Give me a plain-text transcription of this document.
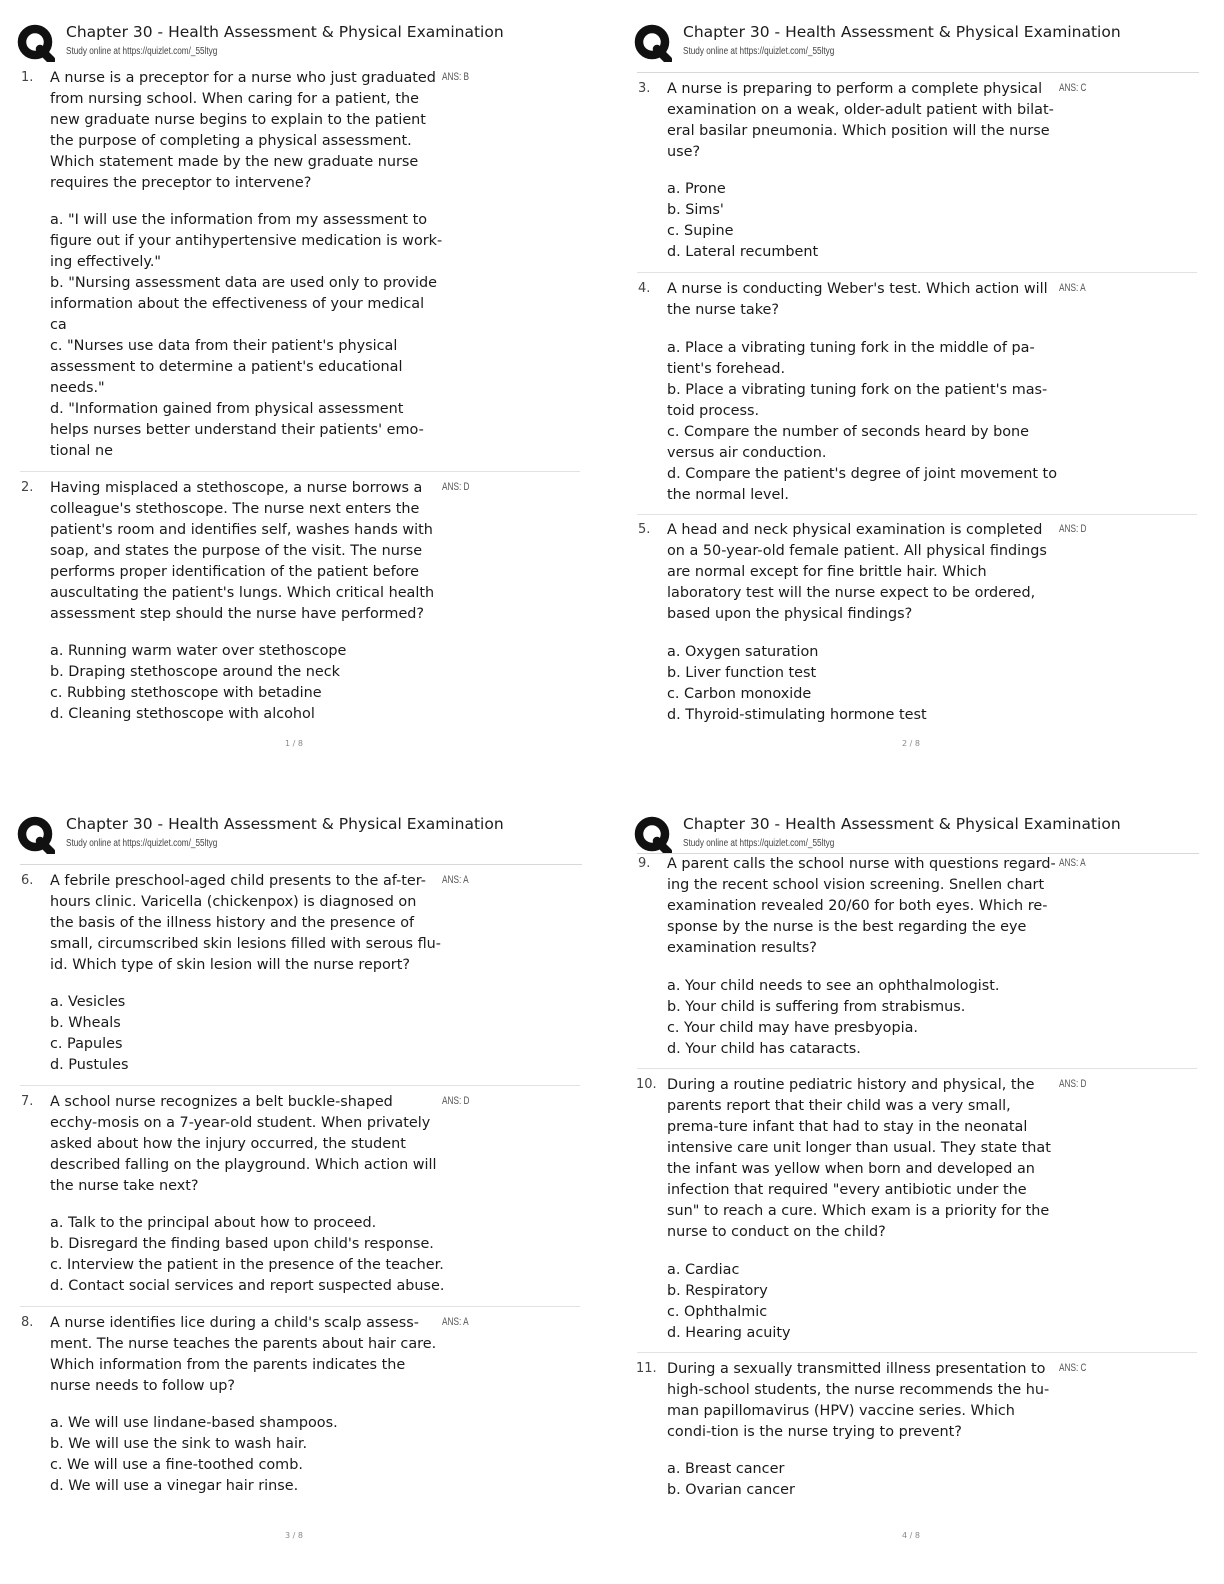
Chapter 30 - Health Assessment & Physical Examination
Study online at https://quizlet.com/_55ltyg
1. A nurse is a preceptor for a nurse who just graduated from nursing school. When caring for a patient, the new graduate nurse begins to explain to the patient the purpose of completing a physical assessment. Which statement made by the new graduate nurse requires the preceptor to intervene?
ANS: B
a. "I will use the information from my assessment to figure out if your antihypertensive medication is work-ing effectively."
b. "Nursing assessment data are used only to provide information about the effectiveness of your medical ca
c. "Nurses use data from their patient's physical assessment to determine a patient's educational needs."
d. "Information gained from physical assessment helps nurses better understand their patients' emo-tional ne
2. Having misplaced a stethoscope, a nurse borrows a colleague's stethoscope. The nurse next enters the patient's room and identifies self, washes hands with soap, and states the purpose of the visit. The nurse performs proper identification of the patient before auscultating the patient's lungs. Which critical health assessment step should the nurse have performed?
ANS: D
a. Running warm water over stethoscope
b. Draping stethoscope around the neck
c. Rubbing stethoscope with betadine
d. Cleaning stethoscope with alcohol
1 / 8
Chapter 30 - Health Assessment & Physical Examination
Study online at https://quizlet.com/_55ltyg
3. A nurse is preparing to perform a complete physical examination on a weak, older-adult patient with bilat-eral basilar pneumonia. Which position will the nurse use?
ANS: C
a. Prone
b. Sims'
c. Supine
d. Lateral recumbent
4. A nurse is conducting Weber's test. Which action will the nurse take?
ANS: A
a. Place a vibrating tuning fork in the middle of pa-tient's forehead.
b. Place a vibrating tuning fork on the patient's mas-toid process.
c. Compare the number of seconds heard by bone versus air conduction.
d. Compare the patient's degree of joint movement to the normal level.
5. A head and neck physical examination is completed on a 50-year-old female patient. All physical findings are normal except for fine brittle hair. Which laboratory test will the nurse expect to be ordered, based upon the physical findings?
ANS: D
a. Oxygen saturation
b. Liver function test
c. Carbon monoxide
d. Thyroid-stimulating hormone test
2 / 8
Chapter 30 - Health Assessment & Physical Examination
Study online at https://quizlet.com/_55ltyg
6. A febrile preschool-aged child presents to the af-ter-hours clinic. Varicella (chickenpox) is diagnosed on the basis of the illness history and the presence of small, circumscribed skin lesions filled with serous flu-id. Which type of skin lesion will the nurse report?
ANS: A
a. Vesicles
b. Wheals
c. Papules
d. Pustules
7. A school nurse recognizes a belt buckle-shaped ecchy-mosis on a 7-year-old student. When privately asked about how the injury occurred, the student described falling on the playground. Which action will the nurse take next?
ANS: D
a. Talk to the principal about how to proceed.
b. Disregard the finding based upon child's response.
c. Interview the patient in the presence of the teacher.
d. Contact social services and report suspected abuse.
8. A nurse identifies lice during a child's scalp assess-ment. The nurse teaches the parents about hair care. Which information from the parents indicates the nurse needs to follow up?
ANS: A
a. We will use lindane-based shampoos.
b. We will use the sink to wash hair.
c. We will use a fine-toothed comb.
d. We will use a vinegar hair rinse.
3 / 8
Chapter 30 - Health Assessment & Physical Examination
Study online at https://quizlet.com/_55ltyg
9. A parent calls the school nurse with questions regard-ing the recent school vision screening. Snellen chart examination revealed 20/60 for both eyes. Which re-sponse by the nurse is the best regarding the eye examination results?
ANS: A
a. Your child needs to see an ophthalmologist.
b. Your child is suffering from strabismus.
c. Your child may have presbyopia.
d. Your child has cataracts.
10. During a routine pediatric history and physical, the parents report that their child was a very small, prema-ture infant that had to stay in the neonatal intensive care unit longer than usual. They state that the infant was yellow when born and developed an infection that required "every antibiotic under the sun" to reach a cure. Which exam is a priority for the nurse to conduct on the child?
ANS: D
a. Cardiac
b. Respiratory
c. Ophthalmic
d. Hearing acuity
11. During a sexually transmitted illness presentation to high-school students, the nurse recommends the hu-man papillomavirus (HPV) vaccine series. Which condi-tion is the nurse trying to prevent?
ANS: C
a. Breast cancer
b. Ovarian cancer
4 / 8
